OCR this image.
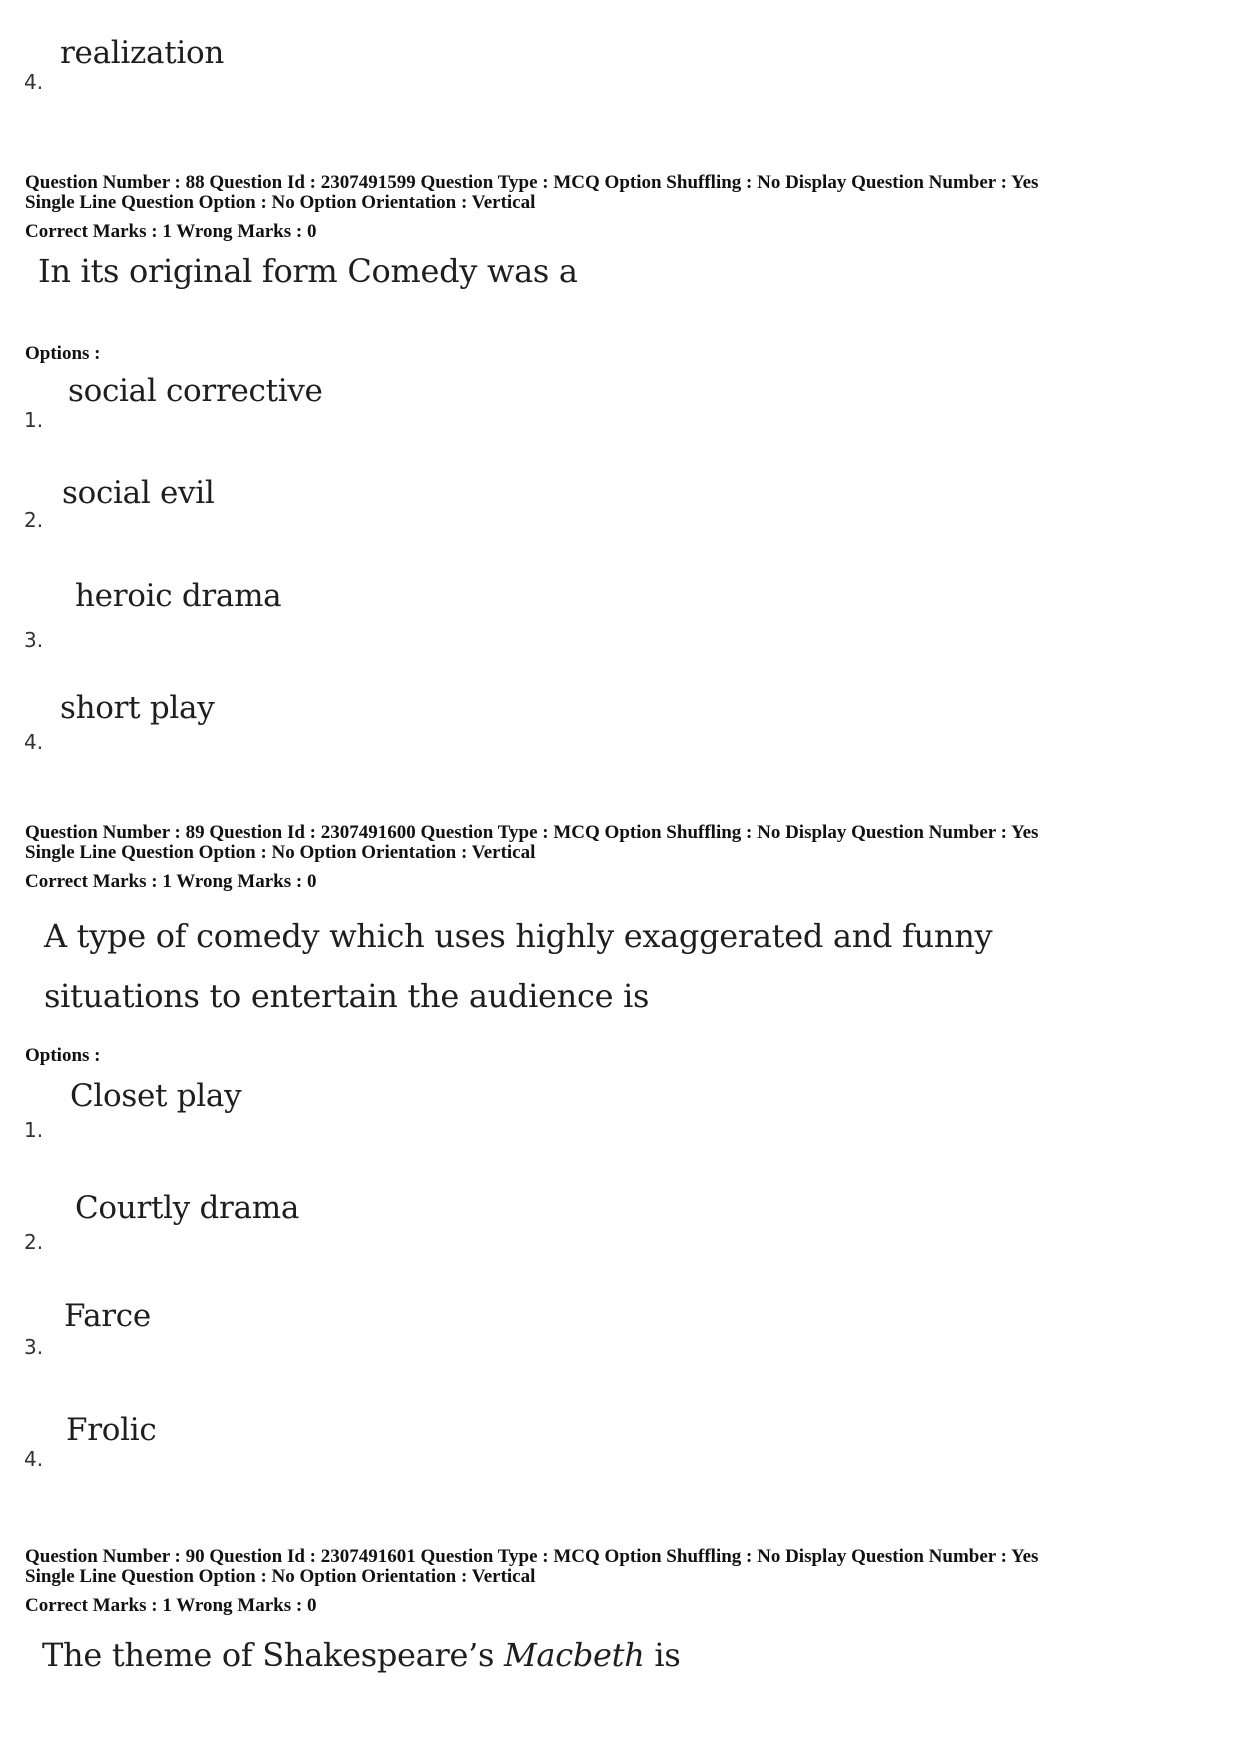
realization
4.
Question Number : 88 Question Id : 2307491599 Question Type : MCQ Option Shuffling : No Display Question Number : Yes
Single Line Question Option : No Option Orientation : Vertical
Correct Marks : 1 Wrong Marks : 0
In its original form Comedy was a
Options :
social corrective
1.
social evil
2.
heroic drama
3.
short play
4.
Question Number : 89 Question Id : 2307491600 Question Type : MCQ Option Shuffling : No Display Question Number : Yes
Single Line Question Option : No Option Orientation : Vertical
Correct Marks : 1 Wrong Marks : 0
A type of comedy which uses highly exaggerated and funny
situations to entertain the audience is
Options :
Closet play
1.
Courtly drama
2.
Farce
3.
Frolic
4.
Question Number : 90 Question Id : 2307491601 Question Type : MCQ Option Shuffling : No Display Question Number : Yes
Single Line Question Option : No Option Orientation : Vertical
Correct Marks : 1 Wrong Marks : 0
The theme of Shakespeare’s Macbeth is
